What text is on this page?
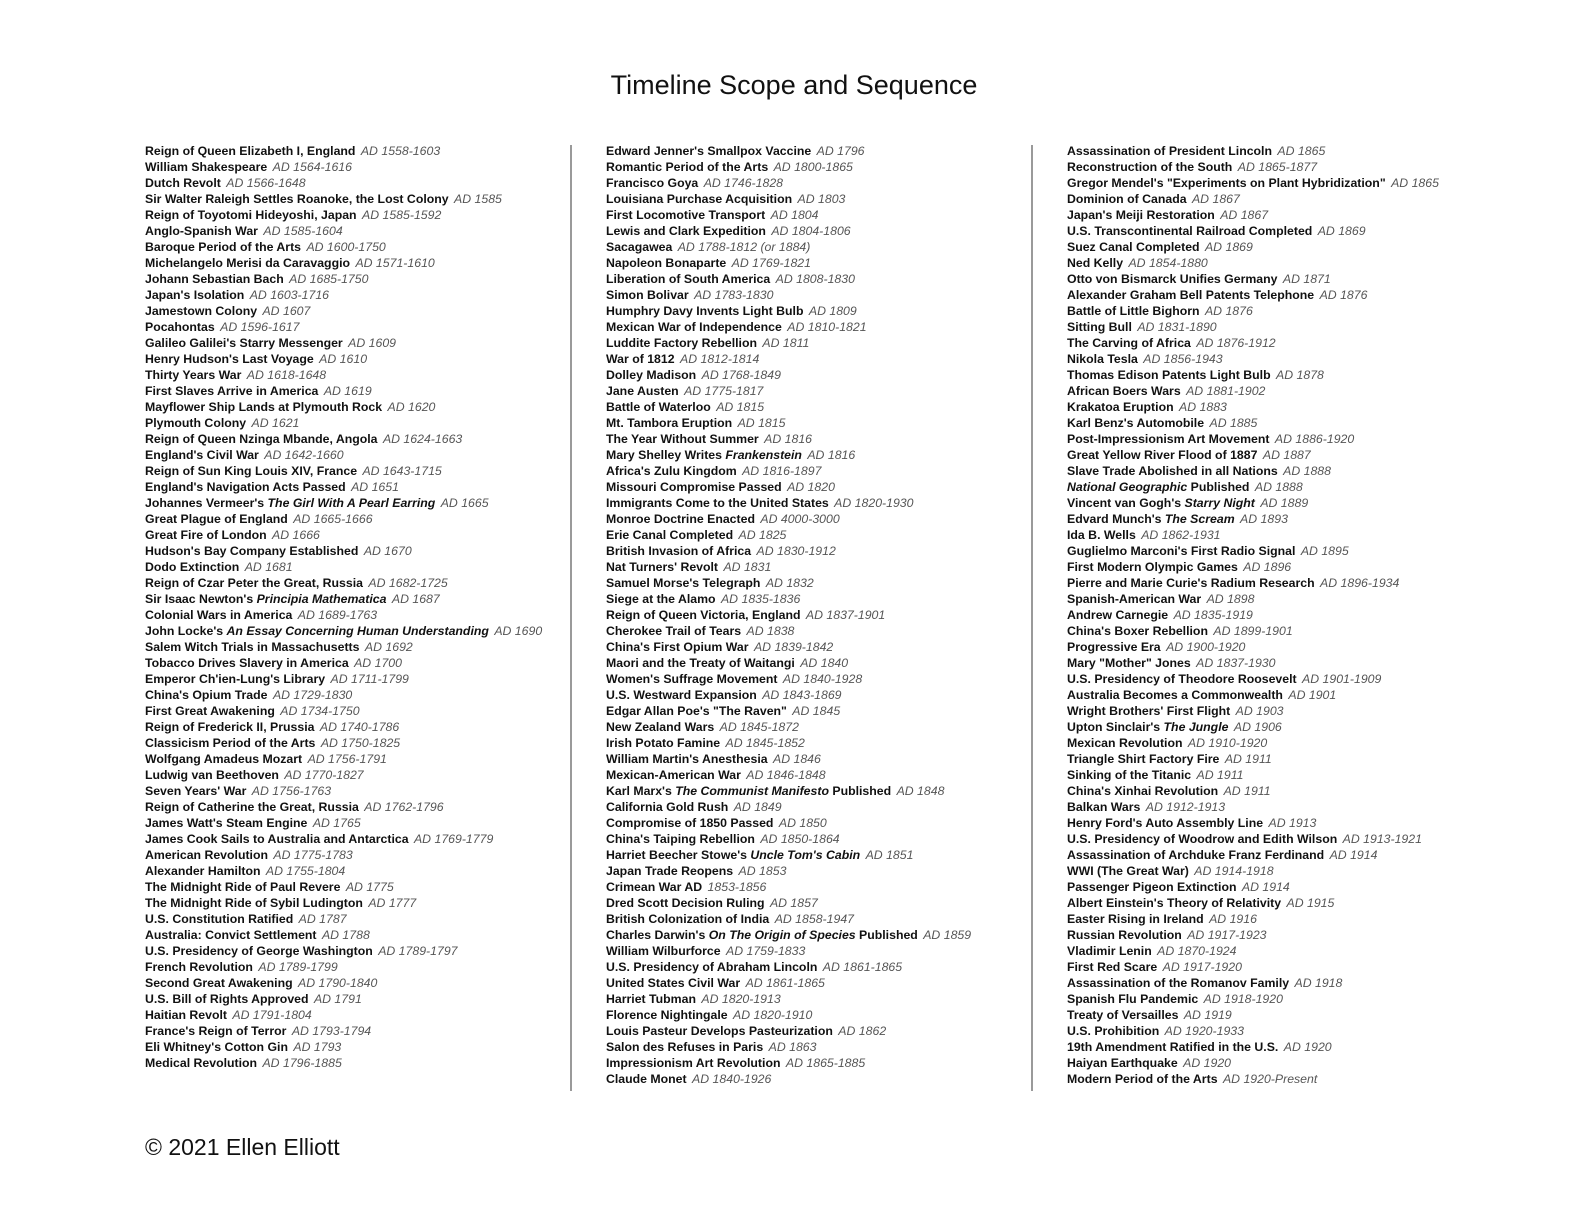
Timeline Scope and Sequence
Reign of Queen Elizabeth I, England AD 1558-1603
William Shakespeare AD 1564-1616
Dutch Revolt AD 1566-1648
Sir Walter Raleigh Settles Roanoke, the Lost Colony AD 1585
Reign of Toyotomi Hideyoshi, Japan AD 1585-1592
Anglo-Spanish War AD 1585-1604
Baroque Period of the Arts AD 1600-1750
Michelangelo Merisi da Caravaggio AD 1571-1610
Johann Sebastian Bach AD 1685-1750
Japan's Isolation AD 1603-1716
Jamestown Colony AD 1607
Pocahontas AD 1596-1617
Galileo Galilei's Starry Messenger AD 1609
Henry Hudson's Last Voyage AD 1610
Thirty Years War AD 1618-1648
First Slaves Arrive in America AD 1619
Mayflower Ship Lands at Plymouth Rock AD 1620
Plymouth Colony AD 1621
Reign of Queen Nzinga Mbande, Angola AD 1624-1663
England's Civil War AD 1642-1660
Reign of Sun King Louis XIV, France AD 1643-1715
England's Navigation Acts Passed AD 1651
Johannes Vermeer's The Girl With A Pearl Earring AD 1665
Great Plague of England AD 1665-1666
Great Fire of London AD 1666
Hudson's Bay Company Established AD 1670
Dodo Extinction AD 1681
Reign of Czar Peter the Great, Russia AD 1682-1725
Sir Isaac Newton's Principia Mathematica AD 1687
Colonial Wars in America AD 1689-1763
John Locke's An Essay Concerning Human Understanding AD 1690
Salem Witch Trials in Massachusetts AD 1692
Tobacco Drives Slavery in America AD 1700
Emperor Ch'ien-Lung's Library AD 1711-1799
China's Opium Trade AD 1729-1830
First Great Awakening AD 1734-1750
Reign of Frederick II, Prussia AD 1740-1786
Classicism Period of the Arts AD 1750-1825
Wolfgang Amadeus Mozart AD 1756-1791
Ludwig van Beethoven AD 1770-1827
Seven Years' War AD 1756-1763
Reign of Catherine the Great, Russia AD 1762-1796
James Watt's Steam Engine AD 1765
James Cook Sails to Australia and Antarctica AD 1769-1779
American Revolution AD 1775-1783
Alexander Hamilton AD 1755-1804
The Midnight Ride of Paul Revere AD 1775
The Midnight Ride of Sybil Ludington AD 1777
U.S. Constitution Ratified AD 1787
Australia: Convict Settlement AD 1788
U.S. Presidency of George Washington AD 1789-1797
French Revolution AD 1789-1799
Second Great Awakening AD 1790-1840
U.S. Bill of Rights Approved AD 1791
Haitian Revolt AD 1791-1804
France's Reign of Terror AD 1793-1794
Eli Whitney's Cotton Gin AD 1793
Medical Revolution AD 1796-1885
Edward Jenner's Smallpox Vaccine AD 1796
Romantic Period of the Arts AD 1800-1865
Francisco Goya AD 1746-1828
Louisiana Purchase Acquisition AD 1803
First Locomotive Transport AD 1804
Lewis and Clark Expedition AD 1804-1806
Sacagawea AD 1788-1812 (or 1884)
Napoleon Bonaparte AD 1769-1821
Liberation of South America AD 1808-1830
Simon Bolivar AD 1783-1830
Humphry Davy Invents Light Bulb AD 1809
Mexican War of Independence AD 1810-1821
Luddite Factory Rebellion AD 1811
War of 1812 AD 1812-1814
Dolley Madison AD 1768-1849
Jane Austen AD 1775-1817
Battle of Waterloo AD 1815
Mt. Tambora Eruption AD 1815
The Year Without Summer AD 1816
Mary Shelley Writes Frankenstein AD 1816
Africa's Zulu Kingdom AD 1816-1897
Missouri Compromise Passed AD 1820
Immigrants Come to the United States AD 1820-1930
Monroe Doctrine Enacted AD 4000-3000
Erie Canal Completed AD 1825
British Invasion of Africa AD 1830-1912
Nat Turners' Revolt AD 1831
Samuel Morse's Telegraph AD 1832
Siege at the Alamo AD 1835-1836
Reign of Queen Victoria, England AD 1837-1901
Cherokee Trail of Tears AD 1838
China's First Opium War AD 1839-1842
Maori and the Treaty of Waitangi AD 1840
Women's Suffrage Movement AD 1840-1928
U.S. Westward Expansion AD 1843-1869
Edgar Allan Poe's "The Raven" AD 1845
New Zealand Wars AD 1845-1872
Irish Potato Famine AD 1845-1852
William Martin's Anesthesia AD 1846
Mexican-American War AD 1846-1848
Karl Marx's The Communist Manifesto Published AD 1848
California Gold Rush AD 1849
Compromise of 1850 Passed AD 1850
China's Taiping Rebellion AD 1850-1864
Harriet Beecher Stowe's Uncle Tom's Cabin AD 1851
Japan Trade Reopens AD 1853
Crimean War AD 1853-1856
Dred Scott Decision Ruling AD 1857
British Colonization of India AD 1858-1947
Charles Darwin's On The Origin of Species Published AD 1859
William Wilburforce AD 1759-1833
U.S. Presidency of Abraham Lincoln AD 1861-1865
United States Civil War AD 1861-1865
Harriet Tubman AD 1820-1913
Florence Nightingale AD 1820-1910
Louis Pasteur Develops Pasteurization AD 1862
Salon des Refuses in Paris AD 1863
Impressionism Art Revolution AD 1865-1885
Claude Monet AD 1840-1926
Assassination of President Lincoln AD 1865
Reconstruction of the South AD 1865-1877
Gregor Mendel's "Experiments on Plant Hybridization" AD 1865
Dominion of Canada AD 1867
Japan's Meiji Restoration AD 1867
U.S. Transcontinental Railroad Completed AD 1869
Suez Canal Completed AD 1869
Ned Kelly AD 1854-1880
Otto von Bismarck Unifies Germany AD 1871
Alexander Graham Bell Patents Telephone AD 1876
Battle of Little Bighorn AD 1876
Sitting Bull AD 1831-1890
The Carving of Africa AD 1876-1912
Nikola Tesla AD 1856-1943
Thomas Edison Patents Light Bulb AD 1878
African Boers Wars AD 1881-1902
Krakatoa Eruption AD 1883
Karl Benz's Automobile AD 1885
Post-Impressionism Art Movement AD 1886-1920
Great Yellow River Flood of 1887 AD 1887
Slave Trade Abolished in all Nations AD 1888
National Geographic Published AD 1888
Vincent van Gogh's Starry Night AD 1889
Edvard Munch's The Scream AD 1893
Ida B. Wells AD 1862-1931
Guglielmo Marconi's First Radio Signal AD 1895
First Modern Olympic Games AD 1896
Pierre and Marie Curie's Radium Research AD 1896-1934
Spanish-American War AD 1898
Andrew Carnegie AD 1835-1919
China's Boxer Rebellion AD 1899-1901
Progressive Era AD 1900-1920
Mary "Mother" Jones AD 1837-1930
U.S. Presidency of Theodore Roosevelt AD 1901-1909
Australia Becomes a Commonwealth AD 1901
Wright Brothers' First Flight AD 1903
Upton Sinclair's The Jungle AD 1906
Mexican Revolution AD 1910-1920
Triangle Shirt Factory Fire AD 1911
Sinking of the Titanic AD 1911
China's Xinhai Revolution AD 1911
Balkan Wars AD 1912-1913
Henry Ford's Auto Assembly Line AD 1913
U.S. Presidency of Woodrow and Edith Wilson AD 1913-1921
Assassination of Archduke Franz Ferdinand AD 1914
WWI (The Great War) AD 1914-1918
Passenger Pigeon Extinction AD 1914
Albert Einstein's Theory of Relativity AD 1915
Easter Rising in Ireland AD 1916
Russian Revolution AD 1917-1923
Vladimir Lenin AD 1870-1924
First Red Scare AD 1917-1920
Assassination of the Romanov Family AD 1918
Spanish Flu Pandemic AD 1918-1920
Treaty of Versailles AD 1919
U.S. Prohibition AD 1920-1933
19th Amendment Ratified in the U.S. AD 1920
Haiyan Earthquake AD 1920
Modern Period of the Arts AD 1920-Present
© 2021 Ellen Elliott
